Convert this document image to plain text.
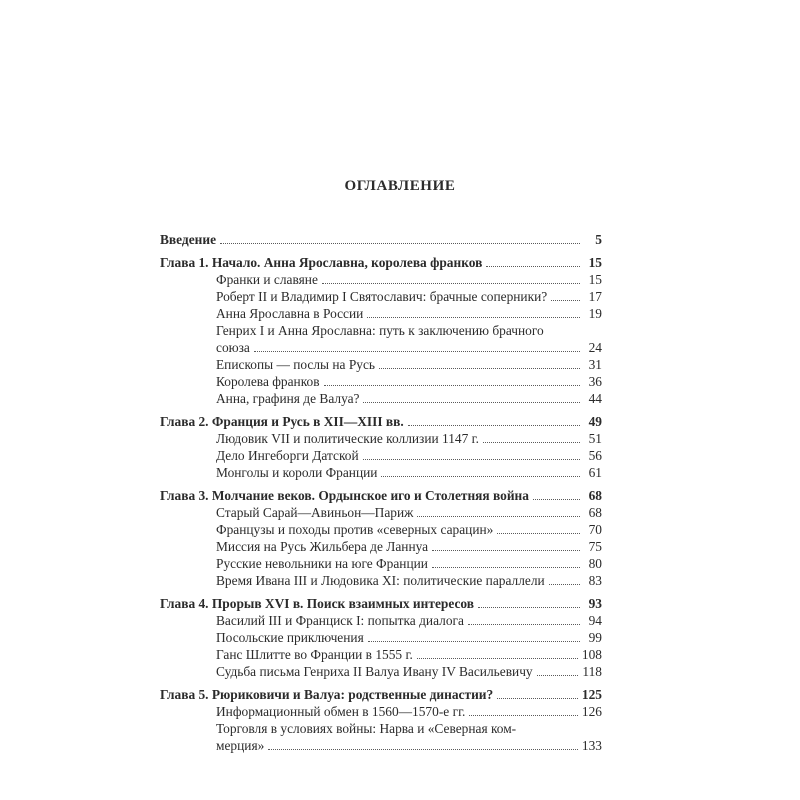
ОГЛАВЛЕНИЕ
Введение	5
Глава 1. Начало. Анна Ярославна, королева франков	15
Франки и славяне	15
Роберт II и Владимир I Святославич: брачные соперники?	17
Анна Ярославна в России	19
Генрих I и Анна Ярославна: путь к заключению брачного
союза	24
Епископы — послы на Русь	31
Королева франков	36
Анна, графиня де Валуа?	44
Глава 2. Франция и Русь в XII—XIII вв.	49
Людовик VII и политические коллизии 1147 г.	51
Дело Ингеборги Датской	56
Монголы и короли Франции	61
Глава 3. Молчание веков. Ордынское иго и Столетняя война	68
Старый Сарай—Авиньон—Париж	68
Французы и походы против «северных сарацин»	70
Миссия на Русь Жильбера де Ланнуа	75
Русские невольники на юге Франции	80
Время Ивана III и Людовика XI: политические параллели	83
Глава 4. Прорыв XVI в. Поиск взаимных интересов	93
Василий III и Франциск I: попытка диалога	94
Посольские приключения	99
Ганс Шлитте во Франции в 1555 г.	108
Судьба письма Генриха II Валуа Ивану IV Васильевичу	118
Глава 5. Рюриковичи и Валуа: родственные династии?	125
Информационный обмен в 1560—1570-е гг.	126
Торговля в условиях войны: Нарва и «Северная ком-
мерция»	133
